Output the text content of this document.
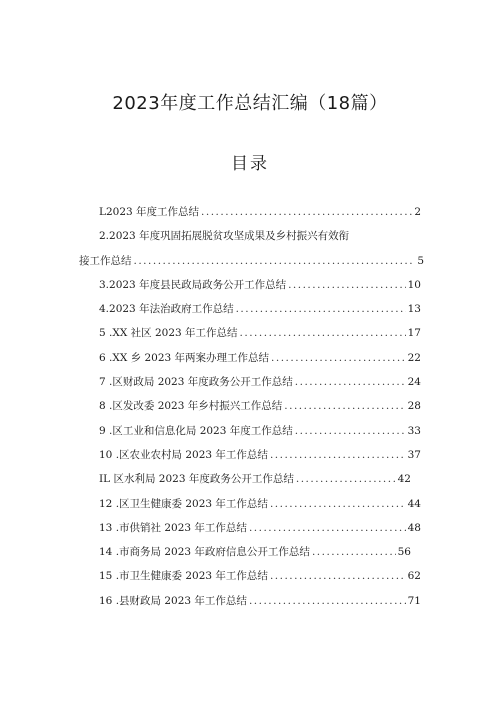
2023年度工作总结汇编（18篇）
目录
L2023 年度工作总结 .....	2
2.2023 年度巩固拓展脱贫攻坚成果及乡村振兴有效衔
接工作总结 .....	5
3.2023 年度县民政局政务公开工作总结 .....	10
4.2023 年法治政府工作总结 .....	13
5 .XX 社区 2023 年工作总结 .....	17
6 .XX 乡 2023 年两案办理工作总结 .....	22
7 .区财政局 2023 年度政务公开工作总结 .....	24
8 .区发改委 2023 年乡村振兴工作总结 .....	28
9 .区工业和信息化局 2023 年度工作总结 .....	33
10 .区农业农村局 2023 年工作总结 .....	37
IL 区水利局 2023 年度政务公开工作总结 .....	42
12 .区卫生健康委 2023 年工作总结 .....	44
13 .市供销社 2023 年工作总结 .....	48
14 .市商务局 2023 年政府信息公开工作总结 .....	56
15 .市卫生健康委 2023 年工作总结 .....	62
16 .县财政局 2023 年工作总结 .....	71
